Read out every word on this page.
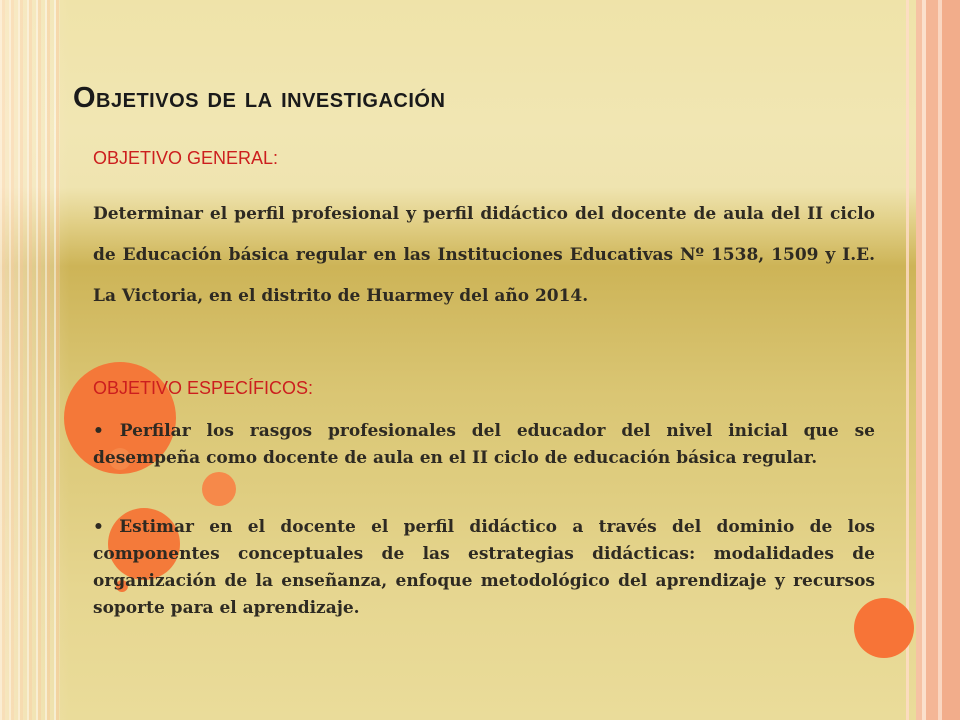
Objetivos de la investigación
OBJETIVO GENERAL:
Determinar el perfil profesional y perfil didáctico del docente de aula del II ciclo de Educación básica regular en las Instituciones Educativas Nº 1538, 1509 y I.E. La Victoria, en el distrito de Huarmey del año 2014.
OBJETIVO ESPECÍFICOS:
• Perfilar los rasgos profesionales del educador del nivel inicial que se desempeña como docente de aula en el II ciclo de educación básica regular.
• Estimar en el docente el perfil didáctico a través del dominio de los componentes conceptuales de las estrategias didácticas: modalidades de organización de la enseñanza, enfoque metodológico del aprendizaje y recursos soporte para el aprendizaje.
